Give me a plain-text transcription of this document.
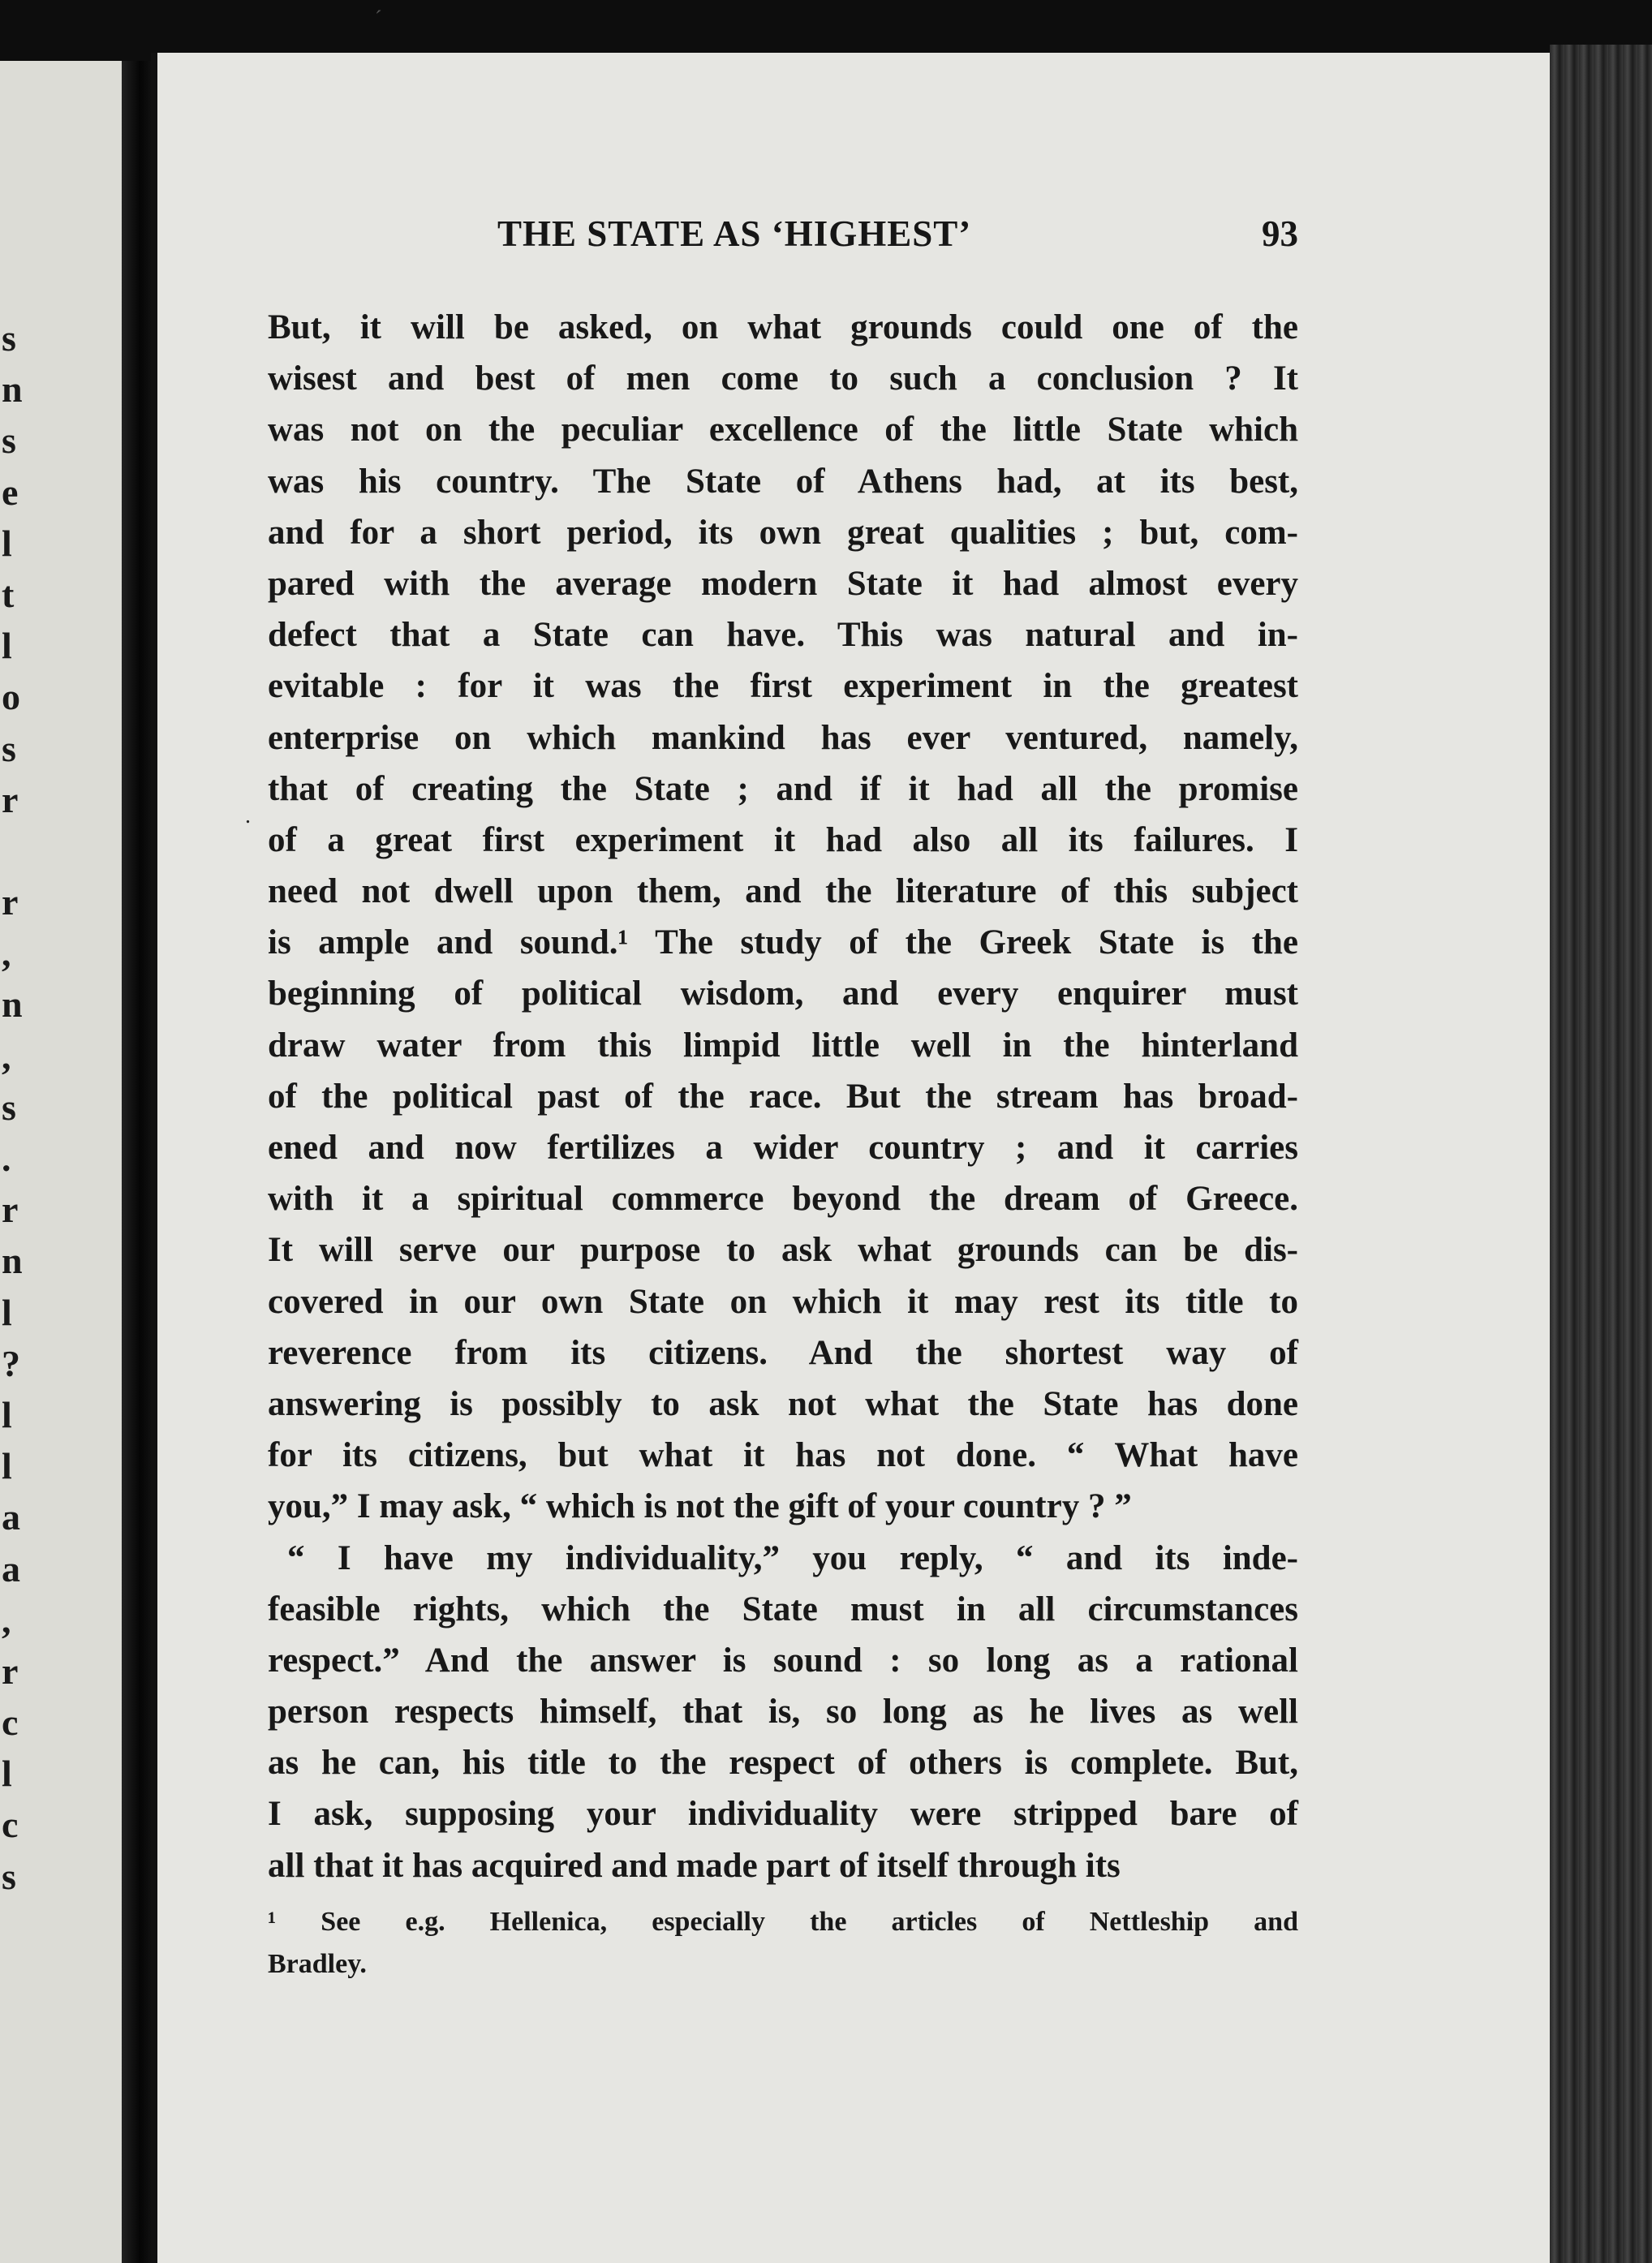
´
s
n
s
e
l
t
l
o
s
r
r
,
n
,
s
.
r
n
l
?
l
l
a
a
,
r
c
l
c
s
THE STATE AS ‘HIGHEST’	93
.
But, it will be asked, on what grounds could one of the
wisest and best of men come to such a conclusion ? It
was not on the peculiar excellence of the little State which
was his country. The State of Athens had, at its best,
and for a short period, its own great qualities ; but, com-
pared with the average modern State it had almost every
defect that a State can have. This was natural and in-
evitable : for it was the first experiment in the greatest
enterprise on which mankind has ever ventured, namely,
that of creating the State ; and if it had all the promise
of a great first experiment it had also all its failures. I
need not dwell upon them, and the literature of this subject
is ample and sound.¹ The study of the Greek State is the
beginning of political wisdom, and every enquirer must
draw water from this limpid little well in the hinterland
of the political past of the race. But the stream has broad-
ened and now fertilizes a wider country ; and it carries
with it a spiritual commerce beyond the dream of Greece.
It will serve our purpose to ask what grounds can be dis-
covered in our own State on which it may rest its title to
reverence from its citizens. And the shortest way of
answering is possibly to ask not what the State has done
for its citizens, but what it has not done. “ What have
you,” I may ask, “ which is not the gift of your country ? ”
“ I have my individuality,” you reply, “ and its inde-
feasible rights, which the State must in all circumstances
respect.” And the answer is sound : so long as a rational
person respects himself, that is, so long as he lives as well
as he can, his title to the respect of others is complete. But,
I ask, supposing your individuality were stripped bare of
all that it has acquired and made part of itself through its
¹ See e.g. Hellenica, especially the articles of Nettleship and
Bradley.
